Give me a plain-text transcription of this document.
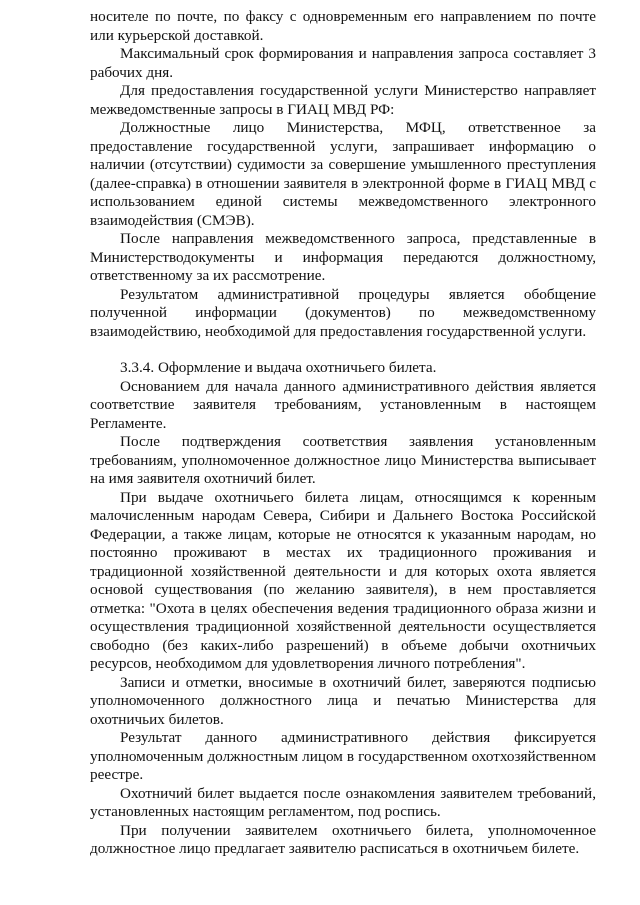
носителе по почте, по факсу с одновременным его направлением по почте или курьерской доставкой.

Максимальный срок формирования и направления запроса составляет 3 рабочих дня.

Для предоставления государственной услуги Министерство направляет межведомственные запросы в ГИАЦ МВД РФ:

Должностные лицо Министерства, МФЦ, ответственное за предоставление государственной услуги, запрашивает информацию о наличии (отсутствии) судимости за совершение умышленного преступления (далее-справка) в отношении заявителя в электронной форме в ГИАЦ МВД с использованием единой системы межведомственного электронного взаимодействия (СМЭВ).

После направления межведомственного запроса, представленные в Министерстводокументы и информация передаются должностному, ответственному за их рассмотрение.

Результатом административной процедуры является обобщение полученной информации (документов) по межведомственному взаимодействию, необходимой для предоставления государственной услуги.

3.3.4. Оформление и выдача охотничьего билета.

Основанием для начала данного административного действия является соответствие заявителя требованиям, установленным в настоящем Регламенте.

После подтверждения соответствия заявления установленным требованиям, уполномоченное должностное лицо Министерства выписывает на имя заявителя охотничий билет.

При выдаче охотничьего билета лицам, относящимся к коренным малочисленным народам Севера, Сибири и Дальнего Востока Российской Федерации, а также лицам, которые не относятся к указанным народам, но постоянно проживают в местах их традиционного проживания и традиционной хозяйственной деятельности и для которых охота является основой существования (по желанию заявителя), в нем проставляется отметка: "Охота в целях обеспечения ведения традиционного образа жизни и осуществления традиционной хозяйственной деятельности осуществляется свободно (без каких-либо разрешений) в объеме добычи охотничьих ресурсов, необходимом для удовлетворения личного потребления".

Записи и отметки, вносимые в охотничий билет, заверяются подписью уполномоченного должностного лица и печатью Министерства для охотничьих билетов.

Результат данного административного действия фиксируется уполномоченным должностным лицом в государственном охотхозяйственном реестре.

Охотничий билет выдается после ознакомления заявителем требований, установленных настоящим регламентом, под роспись.

При получении заявителем охотничьего билета, уполномоченное должностное лицо предлагает заявителю расписаться в охотничьем билете.
